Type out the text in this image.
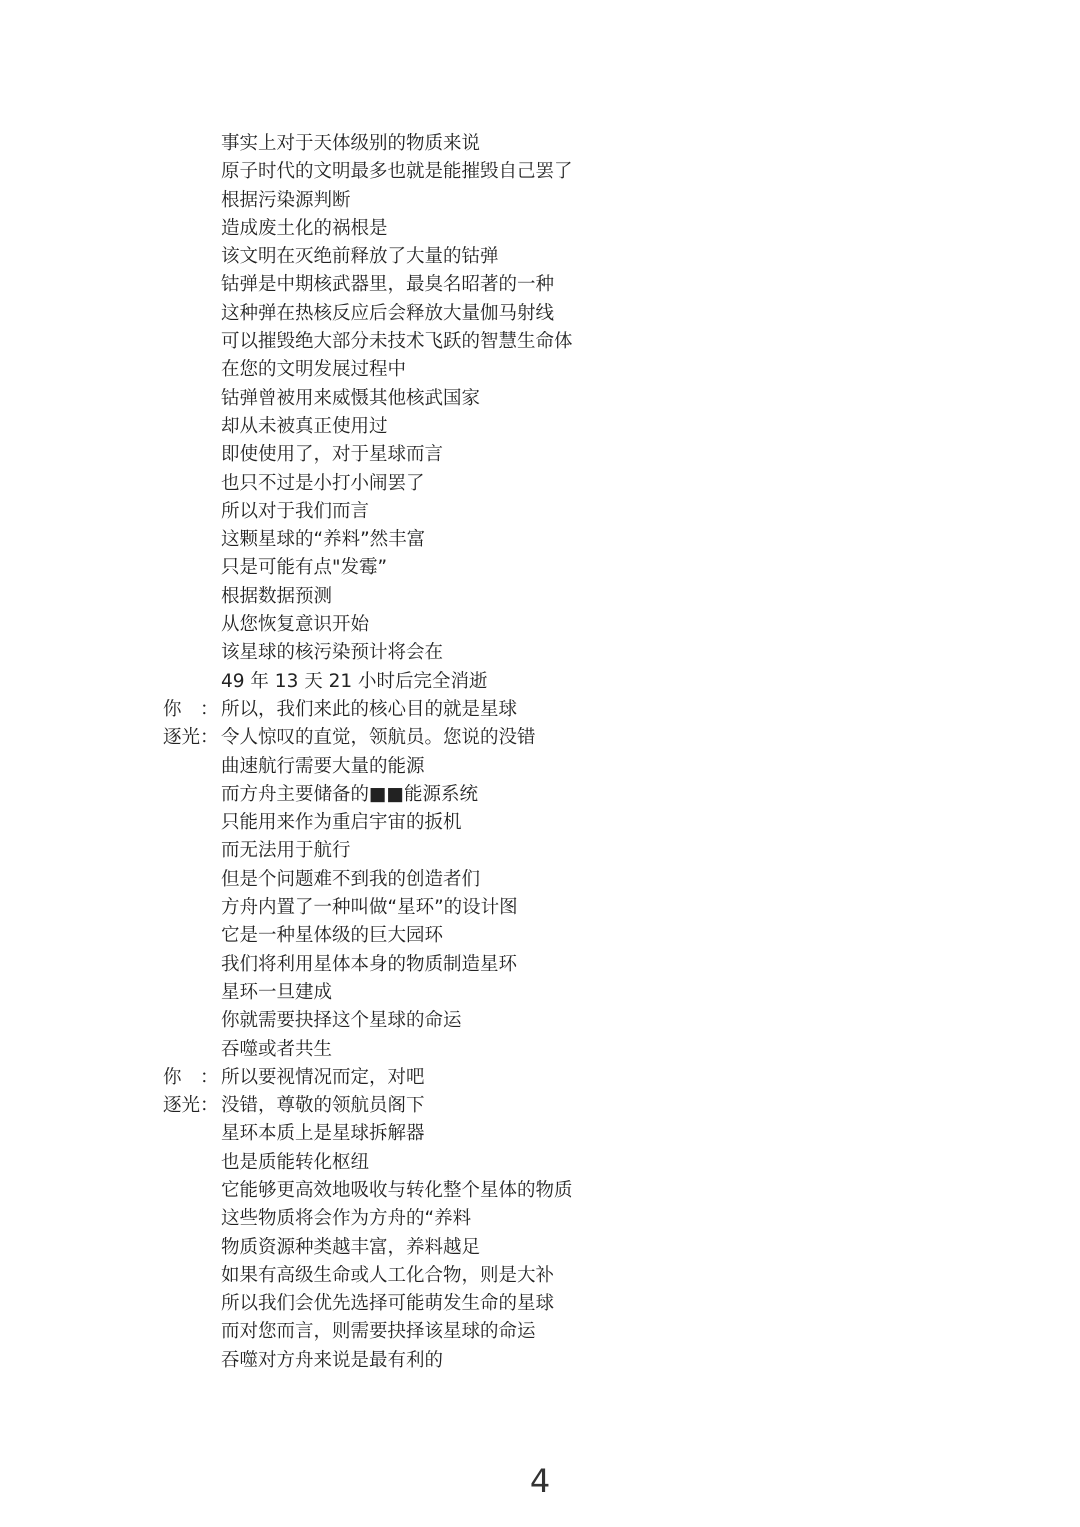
事实上对于天体级别的物质来说
原子时代的文明最多也就是能摧毁自己罢了
根据污染源判断
造成废土化的祸根是
该文明在灭绝前释放了大量的钴弹
钴弹是中期核武器里，最臭名昭著的一种
这种弹在热核反应后会释放大量伽马射线
可以摧毁绝大部分未技术飞跃的智慧生命体
在您的文明发展过程中
钴弹曾被用来威慑其他核武国家
却从未被真正使用过
即使使用了，对于星球而言
也只不过是小打小闹罢了
所以对于我们而言
这颗星球的“养料”然丰富
只是可能有点"发霉”
根据数据预测
从您恢复意识开始
该星球的核污染预计将会在
49 年 13 天 21 小时后完全消逝
你　： 所以，我们来此的核心目的就是星球
逐光： 令人惊叹的直觉，领航员。您说的没错
曲速航行需要大量的能源
而方舟主要储备的■■能源系统
只能用来作为重启宇宙的扳机
而无法用于航行
但是个问题难不到我的创造者们
方舟内置了一种叫做“星环”的设计图
它是一种星体级的巨大园环
我们将利用星体本身的物质制造星环
星环一旦建成
你就需要抉择这个星球的命运
吞噬或者共生
你　： 所以要视情况而定，对吧
逐光： 没错，尊敬的领航员阁下
星环本质上是星球拆解器
也是质能转化枢纽
它能够更高效地吸收与转化整个星体的物质
这些物质将会作为方舟的“养料
物质资源种类越丰富，养料越足
如果有高级生命或人工化合物，则是大补
所以我们会优先选择可能萌发生命的星球
而对您而言，则需要抉择该星球的命运
吞噬对方舟来说是最有利的
4
